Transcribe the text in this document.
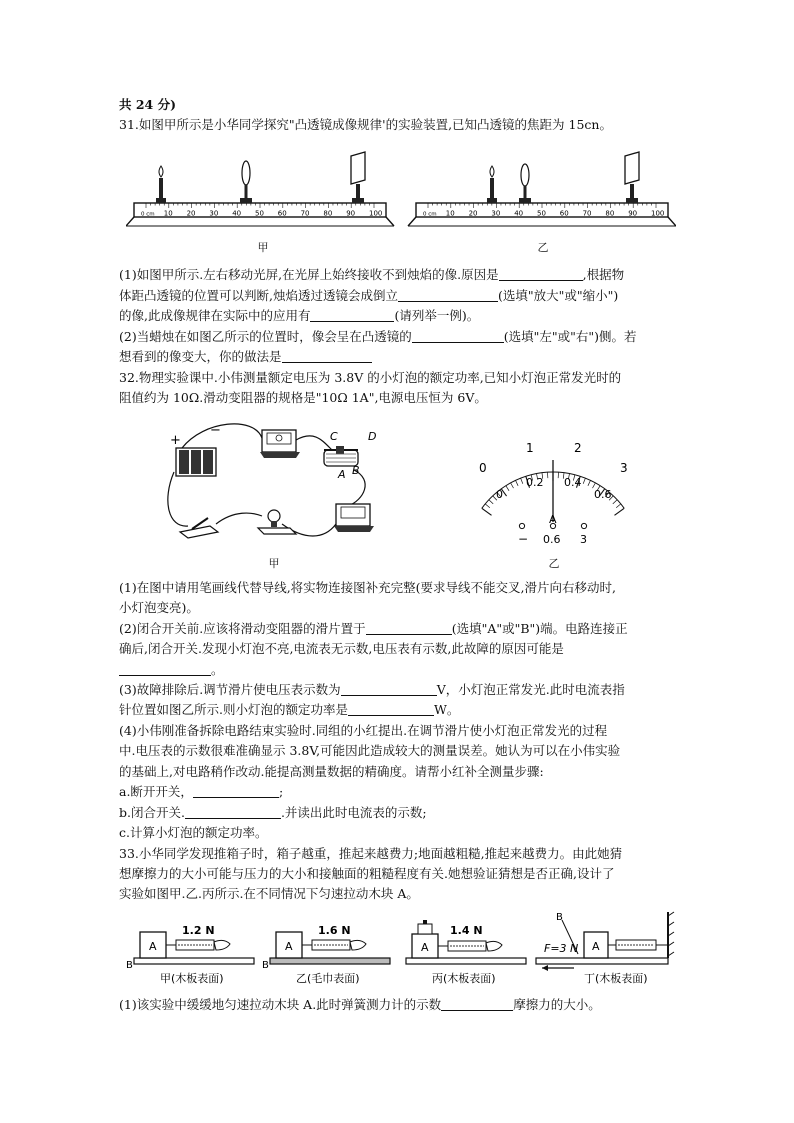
共 24 分)
31.如图甲所示是小华同学探究"凸透镜成像规律'的实验装置,已知凸透镜的焦距为 15cn。
0 cm 10 20 30 40 50 60 70 80 90 100	0 cm 10 20 30 40 50 60 70 80 90 100
甲	乙
(1)如图甲所示.左右移动光屏,在光屏上始终接收不到烛焰的像.原因是	,根据物
体距凸透镜的位置可以判断,烛焰透过透镜会成倒立	(选填"放大"或"缩小")
的像,此成像规律在实际中的应用有	(请列举一例)。
(2)当蜡烛在如图乙所示的位置时，像会呈在凸透镜的	(选填"左"或"右")侧。若
想看到的像变大，你的做法是
32.物理实验课中.小伟测量额定电压为 3.8V 的小灯泡的额定功率,已知小灯泡正常发光时的
阻值约为 10Ω.滑动变阻器的规格是"10Ω 1A",电源电压恒为 6V。
+
−	C	D
A B
甲
0
1	2
3
0
0.2 0.4
0.6
A
− 0.6 3
乙
(1)在图中请用笔画线代替导线,将实物连接图补充完整(要求导线不能交叉,滑片向右移动时,
小灯泡变亮)。
(2)闭合开关前.应该将滑动变阻器的滑片置于	(选填"A"或"B")端。电路连接正
确后,闭合开关.发现小灯泡不亮,电流表无示数,电压表有示数,此故障的原因可能是
。
(3)故障排除后.调节滑片使电压表示数为	V，小灯泡正常发光.此时电流表指
针位置如图乙所示.则小灯泡的额定功率是	W。
(4)小伟刚准备拆除电路结束实验时.同组的小红提出.在调节滑片使小灯泡正常发光的过程
中.电压表的示数很难准确显示 3.8V,可能因此造成较大的测量误差。她认为可以在小伟实验
的基础上,对电路稍作改动.能提高测量数据的精确度。请帮小红补全测量步骤:
a.断开开关，	;
b.闭合开关.	.并读出此时电流表的示数;
c.计算小灯泡的额定功率。
33.小华同学发现推箱子时，箱子越重，推起来越费力;地面越粗糙,推起来越费力。由此她猜
想摩擦力的大小可能与压力的大小和接触面的粗糙程度有关.她想验证猜想是否正确,设计了
实验如图甲.乙.丙所示.在不同情况下匀速拉动木块 A。
A
1.2 N
B
A
1.6 N
B
A
1.4 N
A
B
F=3 N
甲(木板表面)	乙(毛巾表面)	丙(木板表面)	丁(木板表面)
(1)该实验中缓缓地匀速拉动木块 A.此时弹簧测力计的示数	摩擦力的大小。
